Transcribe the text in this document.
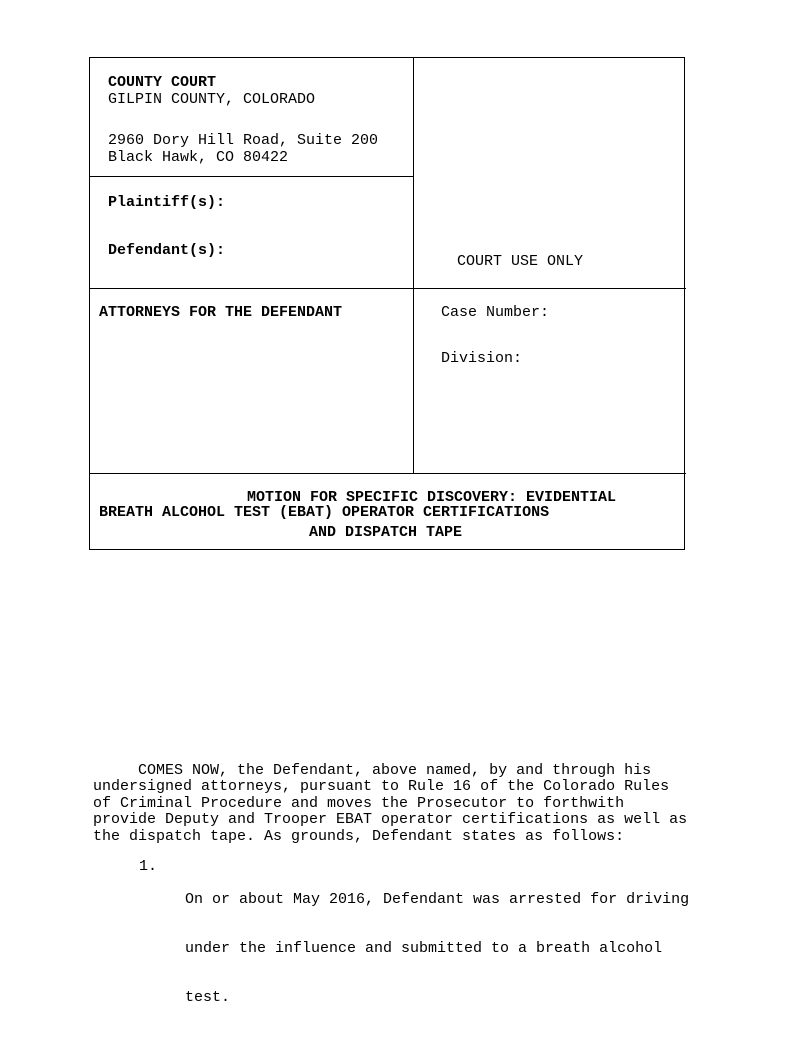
COUNTY COURT
GILPIN COUNTY, COLORADO
2960 Dory Hill Road, Suite 200
Black Hawk, CO 80422
Plaintiff(s):
Defendant(s):
COURT USE ONLY
ATTORNEYS FOR THE DEFENDANT	Case Number:
Division:
MOTION FOR SPECIFIC DISCOVERY: EVIDENTIAL
BREATH ALCOHOL TEST (EBAT) OPERATOR CERTIFICATIONS
AND DISPATCH TAPE

COMES NOW, the Defendant, above named, by and through his

undersigned attorneys, pursuant to Rule 16 of the Colorado Rules

of Criminal Procedure and moves the Prosecutor to forthwith

provide Deputy and Trooper EBAT operator certifications as well as

the dispatch tape. As grounds, Defendant states as follows:

1.

On or about May 2016, Defendant was arrested for driving

under the influence and submitted to a breath alcohol

test.
